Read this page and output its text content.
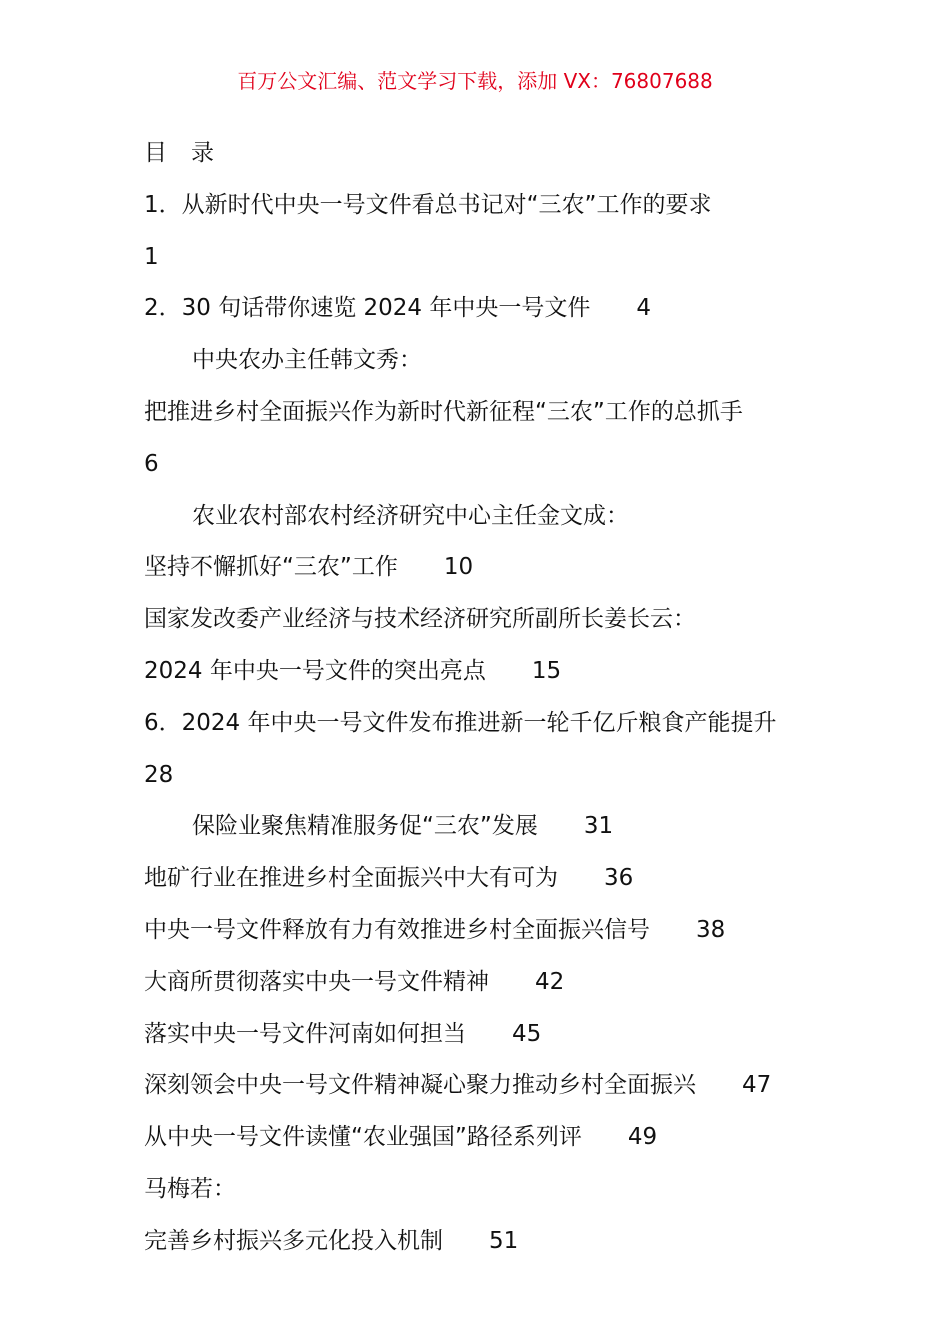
百万公文汇编、范文学习下载，添加 VX：76807688
目 录
1．从新时代中央一号文件看总书记对“三农”工作的要求
1
2．30 句话带你速览 2024 年中央一号文件 4
中央农办主任韩文秀：
把推进乡村全面振兴作为新时代新征程“三农”工作的总抓手
6
农业农村部农村经济研究中心主任金文成：
坚持不懈抓好“三农”工作 10
国家发改委产业经济与技术经济研究所副所长姜长云：
2024 年中央一号文件的突出亮点 15
6．2024 年中央一号文件发布推进新一轮千亿斤粮食产能提升
28
保险业聚焦精准服务促“三农”发展 31
地矿行业在推进乡村全面振兴中大有可为 36
中央一号文件释放有力有效推进乡村全面振兴信号 38
大商所贯彻落实中央一号文件精神 42
落实中央一号文件河南如何担当 45
深刻领会中央一号文件精神凝心聚力推动乡村全面振兴 47
从中央一号文件读懂“农业强国”路径系列评 49
马梅若：
完善乡村振兴多元化投入机制 51
